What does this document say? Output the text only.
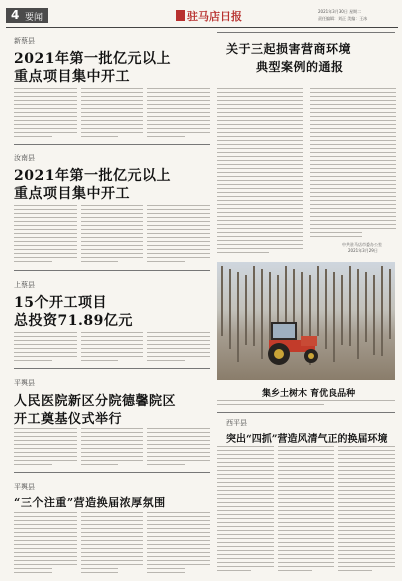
4 要闻	驻马店日报	2021年3月30日 星期二
责任编辑：刘正 美编：王冰
新蔡县
2021年第一批亿元以上
重点项目集中开工
汝南县
2021年第一批亿元以上
重点项目集中开工
上蔡县
15个开工项目
总投资71.89亿元
平舆县
人民医院新区分院德馨院区
开工奠基仪式举行
平舆县
“三个注重”营造换届浓厚氛围
关于三起损害营商环境
典型案例的通报
中共驻马店市委办公室
2021年3月29日
集乡土树木 育优良品种
西平县
突出“四抓”营造风清气正的换届环境
